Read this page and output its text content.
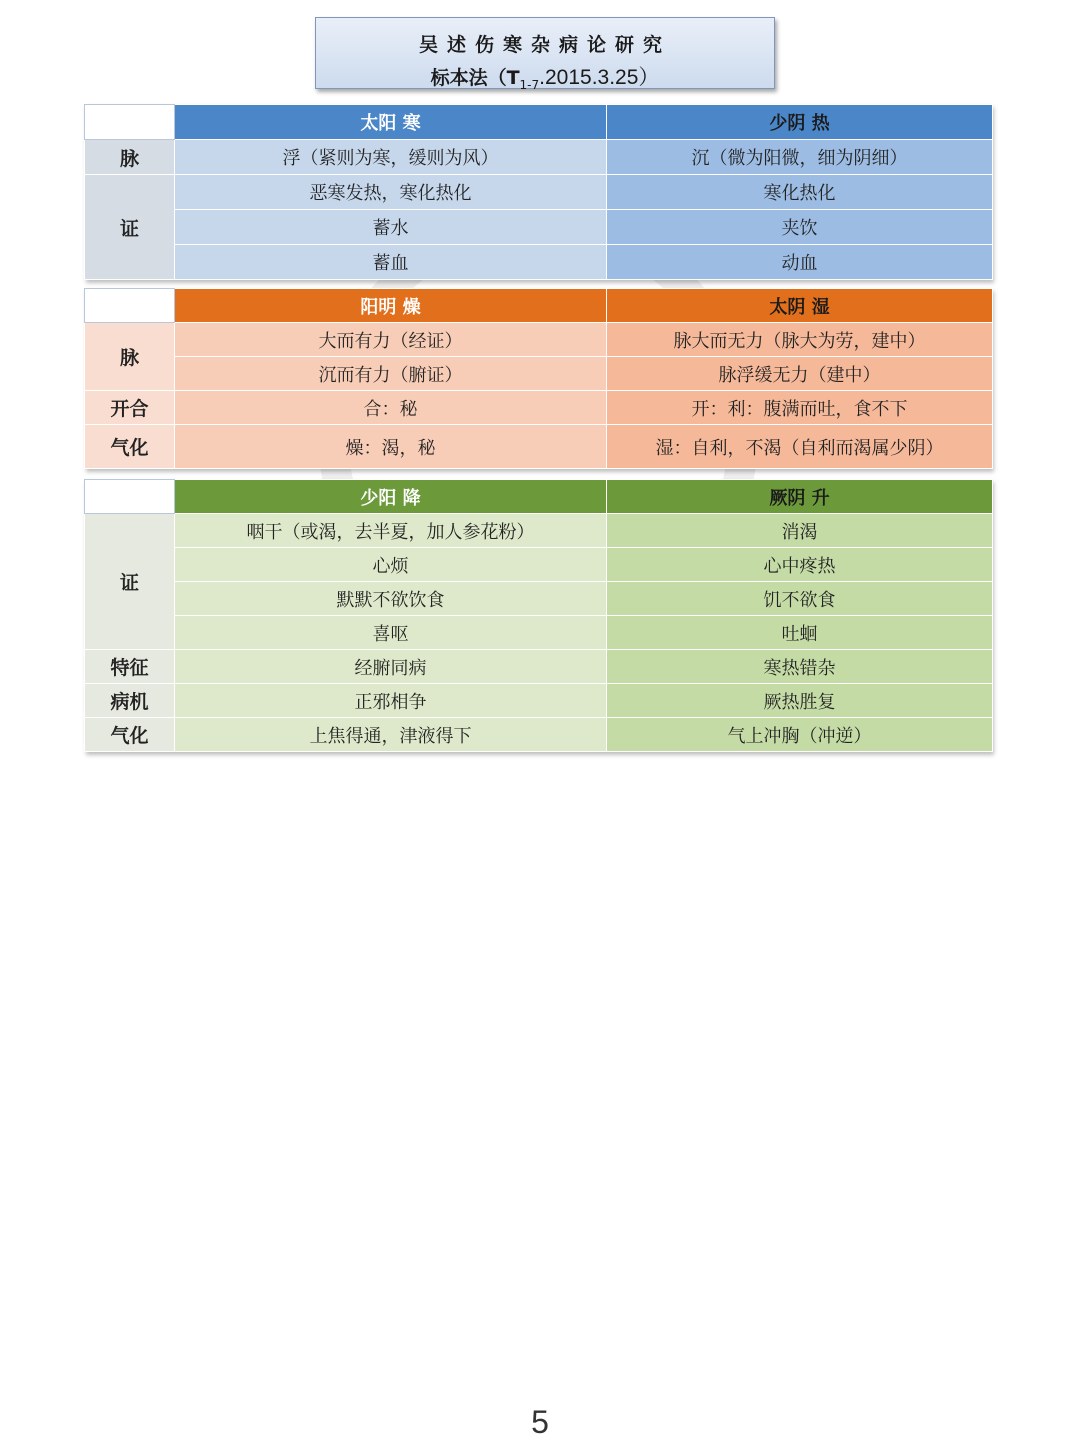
吴述伤寒杂病论研究
标本法$(T_{1-7}.2015.3.25)$
	太阳 寒	少阴 热
脉	浮（紧则为寒，缓则为风）	沉（微为阳微，细为阴细）
证	恶寒发热，寒化热化	寒化热化
	蓄水	夹饮
	蓄血	动血
	阳明 燥	太阴 湿
脉	大而有力（经证）	脉大而无力（脉大为劳，建中）
	沉而有力（腑证）	脉浮缓无力（建中）
开合	合：秘	开：利：腹满而吐，食不下
气化	燥：渴，秘	湿：自利，不渴（自利而渴属少阴）
	少阳 降	厥阴 升
证	咽干（或渴，去半夏，加人参花粉）	消渴
	心烦	心中疼热
	默默不欲饮食	饥不欲食
	喜呕	吐蛔
特征	经腑同病	寒热错杂
病机	正邪相争	厥热胜复
气化	上焦得通，津液得下	气上冲胸（冲逆）
5
